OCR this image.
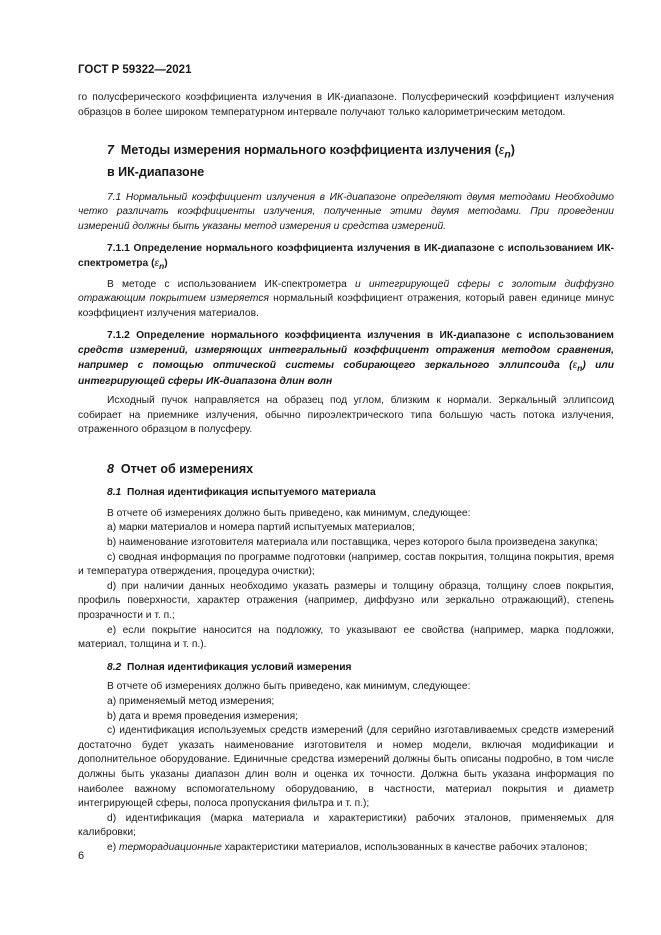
ГОСТ Р 59322—2021

го полусферического коэффициента излучения в ИК-диапазоне. Полусферический коэффициент излучения образцов в более широком температурном интервале получают только калориметрическим методом.

7 Методы измерения нормального коэффициента излучения $(\varepsilon_n)$
в ИК-диапазоне

7.1 Нормальный коэффициент излучения в ИК-диапазоне определяют двумя методами Необходимо четко различать коэффициенты излучения, полученные этими двумя методами. При проведении измерений должны быть указаны метод измерения и средства измерений.

7.1.1 Определение нормального коэффициента излучения в ИК-диапазоне с использованием ИК-спектрометра $(\varepsilon_n)$

В методе с использованием ИК-спектрометра и интегрирующей сферы с золотым диффузно отражающим покрытием измеряется нормальный коэффициент отражения, который равен единице минус коэффициент излучения материалов.

7.1.2 Определение нормального коэффициента излучения в ИК-диапазоне с использованием средств измерений, измеряющих интегральный коэффициент отражения методом сравнения, например с помощью оптической системы собирающего зеркального эллипсоида $(\varepsilon_n)$ или интегрирующей сферы ИК-диапазона длин волн

Исходный пучок направляется на образец под углом, близким к нормали. Зеркальный эллипсоид собирает на приемнике излучения, обычно пироэлектрического типа большую часть потока излучения, отраженного образцом в полусферу.

8 Отчет об измерениях

8.1 Полная идентификация испытуемого материала

В отчете об измерениях должно быть приведено, как минимум, следующее:

а) марки материалов и номера партий испытуемых материалов;

b) наименование изготовителя материала или поставщика, через которого была произведена закупка;

c) сводная информация по программе подготовки (например, состав покрытия, толщина покрытия, время и температура отверждения, процедура очистки);

d) при наличии данных необходимо указать размеры и толщину образца, толщину слоев покрытия, профиль поверхности, характер отражения (например, диффузно или зеркально отражающий), степень прозрачности и т. п.;

e) если покрытие наносится на подложку, то указывают ее свойства (например, марка подложки, материал, толщина и т. п.).

8.2 Полная идентификация условий измерения

В отчете об измерениях должно быть приведено, как минимум, следующее:

а) применяемый метод измерения;

b) дата и время проведения измерения;

c) идентификация используемых средств измерений (для серийно изготавливаемых средств измерений достаточно будет указать наименование изготовителя и номер модели, включая модификации и дополнительное оборудование. Единичные средства измерений должны быть описаны подробно, в том числе должны быть указаны диапазон длин волн и оценка их точности. Должна быть указана информация по наиболее важному вспомогательному оборудованию, в частности, материал покрытия и диаметр интегрирующей сферы, полоса пропускания фильтра и т. п.);

d) идентификация (марка материала и характеристики) рабочих эталонов, применяемых для калибровки;

e) терморадиационные характеристики материалов, использованных в качестве рабочих эталонов;

6
